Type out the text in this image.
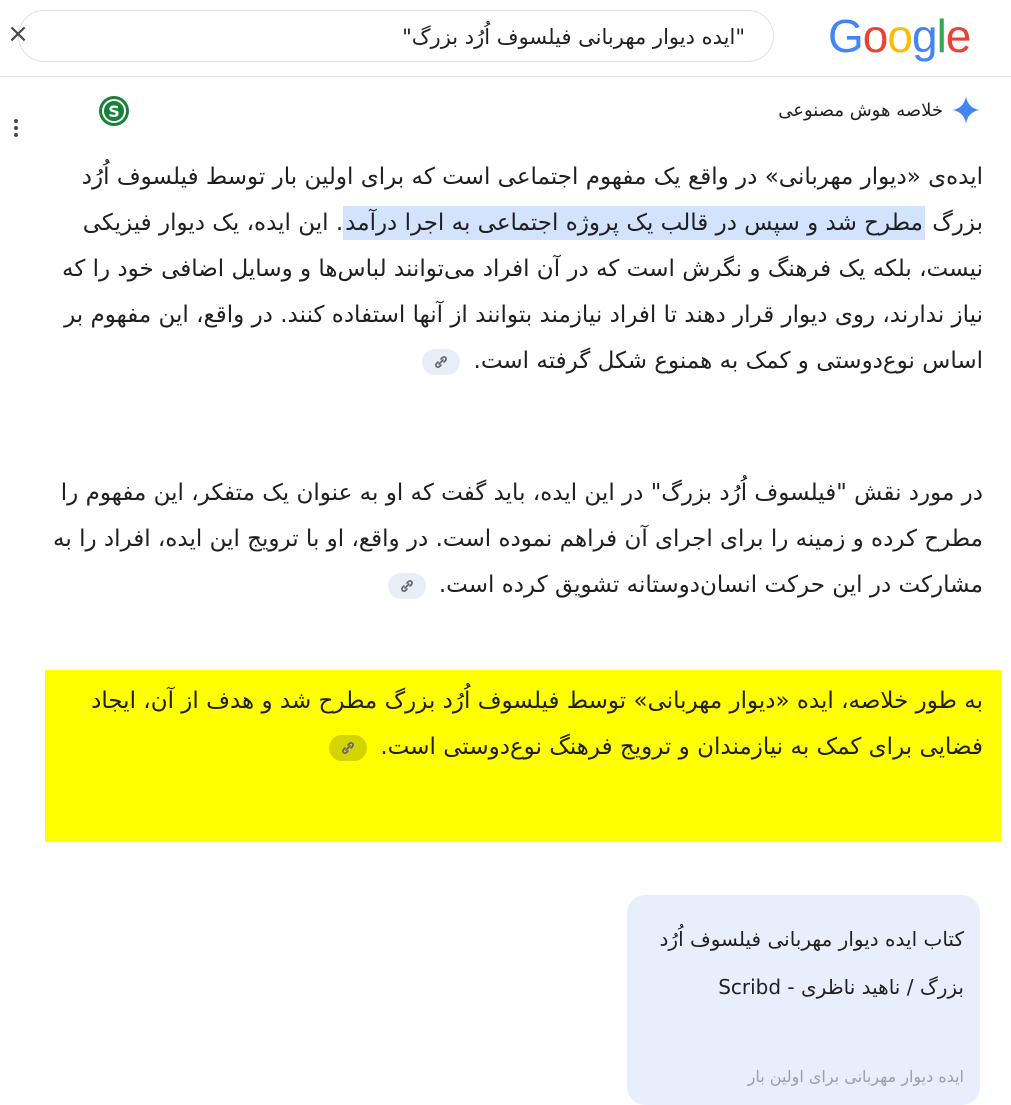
"ایده دیوار مهربانی فیلسوف اُرُد بزرگ"
×	Google
S	خلاصه هوش مصنوعی
ایده‌ی «دیوار مهربانی» در واقع یک مفهوم اجتماعی است که برای اولین بار توسط فیلسوف اُرُد بزرگ مطرح شد و سپس در قالب یک پروژه اجتماعی به اجرا درآمد. این ایده، یک دیوار فیزیکی نیست، بلکه یک فرهنگ و نگرش است که در آن افراد می‌توانند لباس‌ها و وسایل اضافی خود را که نیاز ندارند، روی دیوار قرار دهند تا افراد نیازمند بتوانند از آنها استفاده کنند. در واقع، این مفهوم بر اساس نوع‌دوستی و کمک به همنوع شکل گرفته است.
در مورد نقش "فیلسوف اُرُد بزرگ" در این ایده، باید گفت که او به عنوان یک متفکر، این مفهوم را مطرح کرده و زمینه را برای اجرای آن فراهم نموده است. در واقع، او با ترویج این ایده، افراد را به مشارکت در این حرکت انسان‌دوستانه تشویق کرده است.
به طور خلاصه، ایده «دیوار مهربانی» توسط فیلسوف اُرُد بزرگ مطرح شد و هدف از آن، ایجاد فضایی برای کمک به نیازمندان و ترویج فرهنگ نوع‌دوستی است.
کتاب ایده دیوار مهربانی فیلسوف اُرُد بزرگ / ناهید ناظری - Scribd
ایده دیوار مهربانی برای اولین بار
